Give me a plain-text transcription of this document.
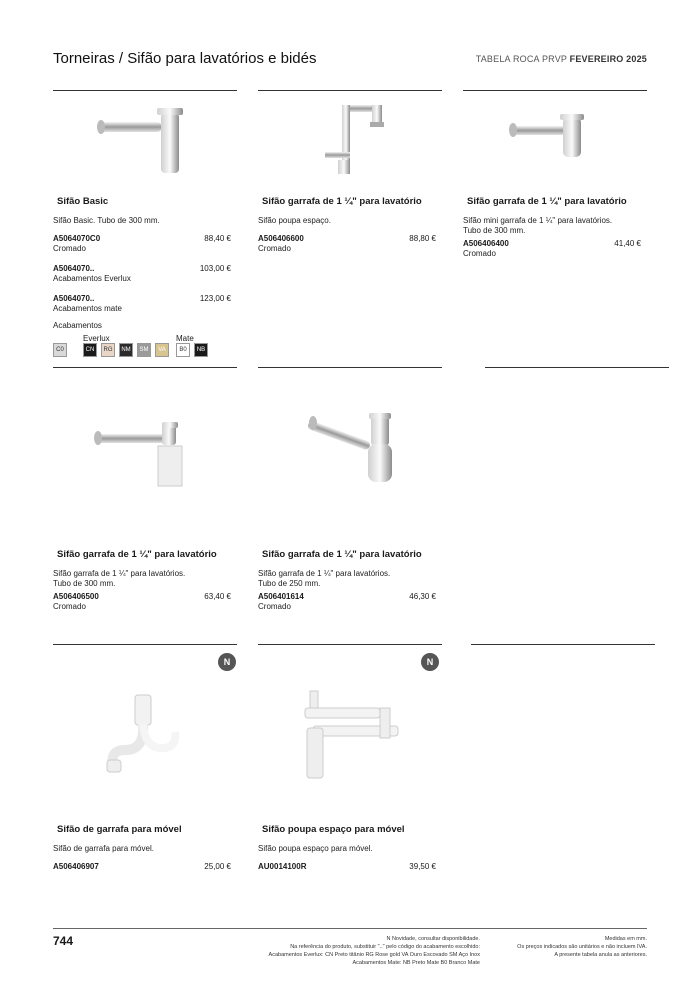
Torneiras / Sifão para lavatórios e bidés	TABELA ROCA PRVP FEVEREIRO 2025
N	N
Sifão Basic
Sifão Basic. Tubo de 300 mm.
A5064070C0	88,40 €
Cromado
A5064070..	103,00 €
Acabamentos Everlux
A5064070..	123,00 €
Acabamentos mate
Sifão garrafa de 1 ¼" para lavatório
Sifão poupa espaço.
A506406600	88,80 €
Cromado
Sifão garrafa de 1 ¼" para lavatório
Sifão mini garrafa de 1 ¼" para lavatórios.
Tubo de 300 mm.
A506406400	41,40 €
Cromado
Sifão garrafa de 1 ¼" para lavatório
Sifão garrafa de 1 ¼" para lavatórios.
Tubo de 300 mm.
A506406500	63,40 €
Cromado
Sifão garrafa de 1 ¼" para lavatório
Sifão garrafa de 1 ¼" para lavatórios.
Tubo de 250 mm.
A506401614	46,30 €
Cromado
Sifão de garrafa para móvel
Sifão de garrafa para móvel.
A506406907	25,00 €
Sifão poupa espaço para móvel
Sifão poupa espaço para móvel.
AU0014100R	39,50 €
Acabamentos
Everlux	Mate
C0	CN	RG	NM	SM	VA	B0	NB
744	N Novidade, consultar disponibilidade.
Na referência do produto, substituir ".." pelo código do acabamento escolhido:
Acabamentos Everlux: CN Preto titânio RG Rose gold VA Ouro Escovado SM Aço Inox
Acabamentos Mate: NB Preto Mate B0 Branco Mate
Medidas em mm.
Os preços indicados são unitários e não incluem IVA.
A presente tabela anula as anteriores.
